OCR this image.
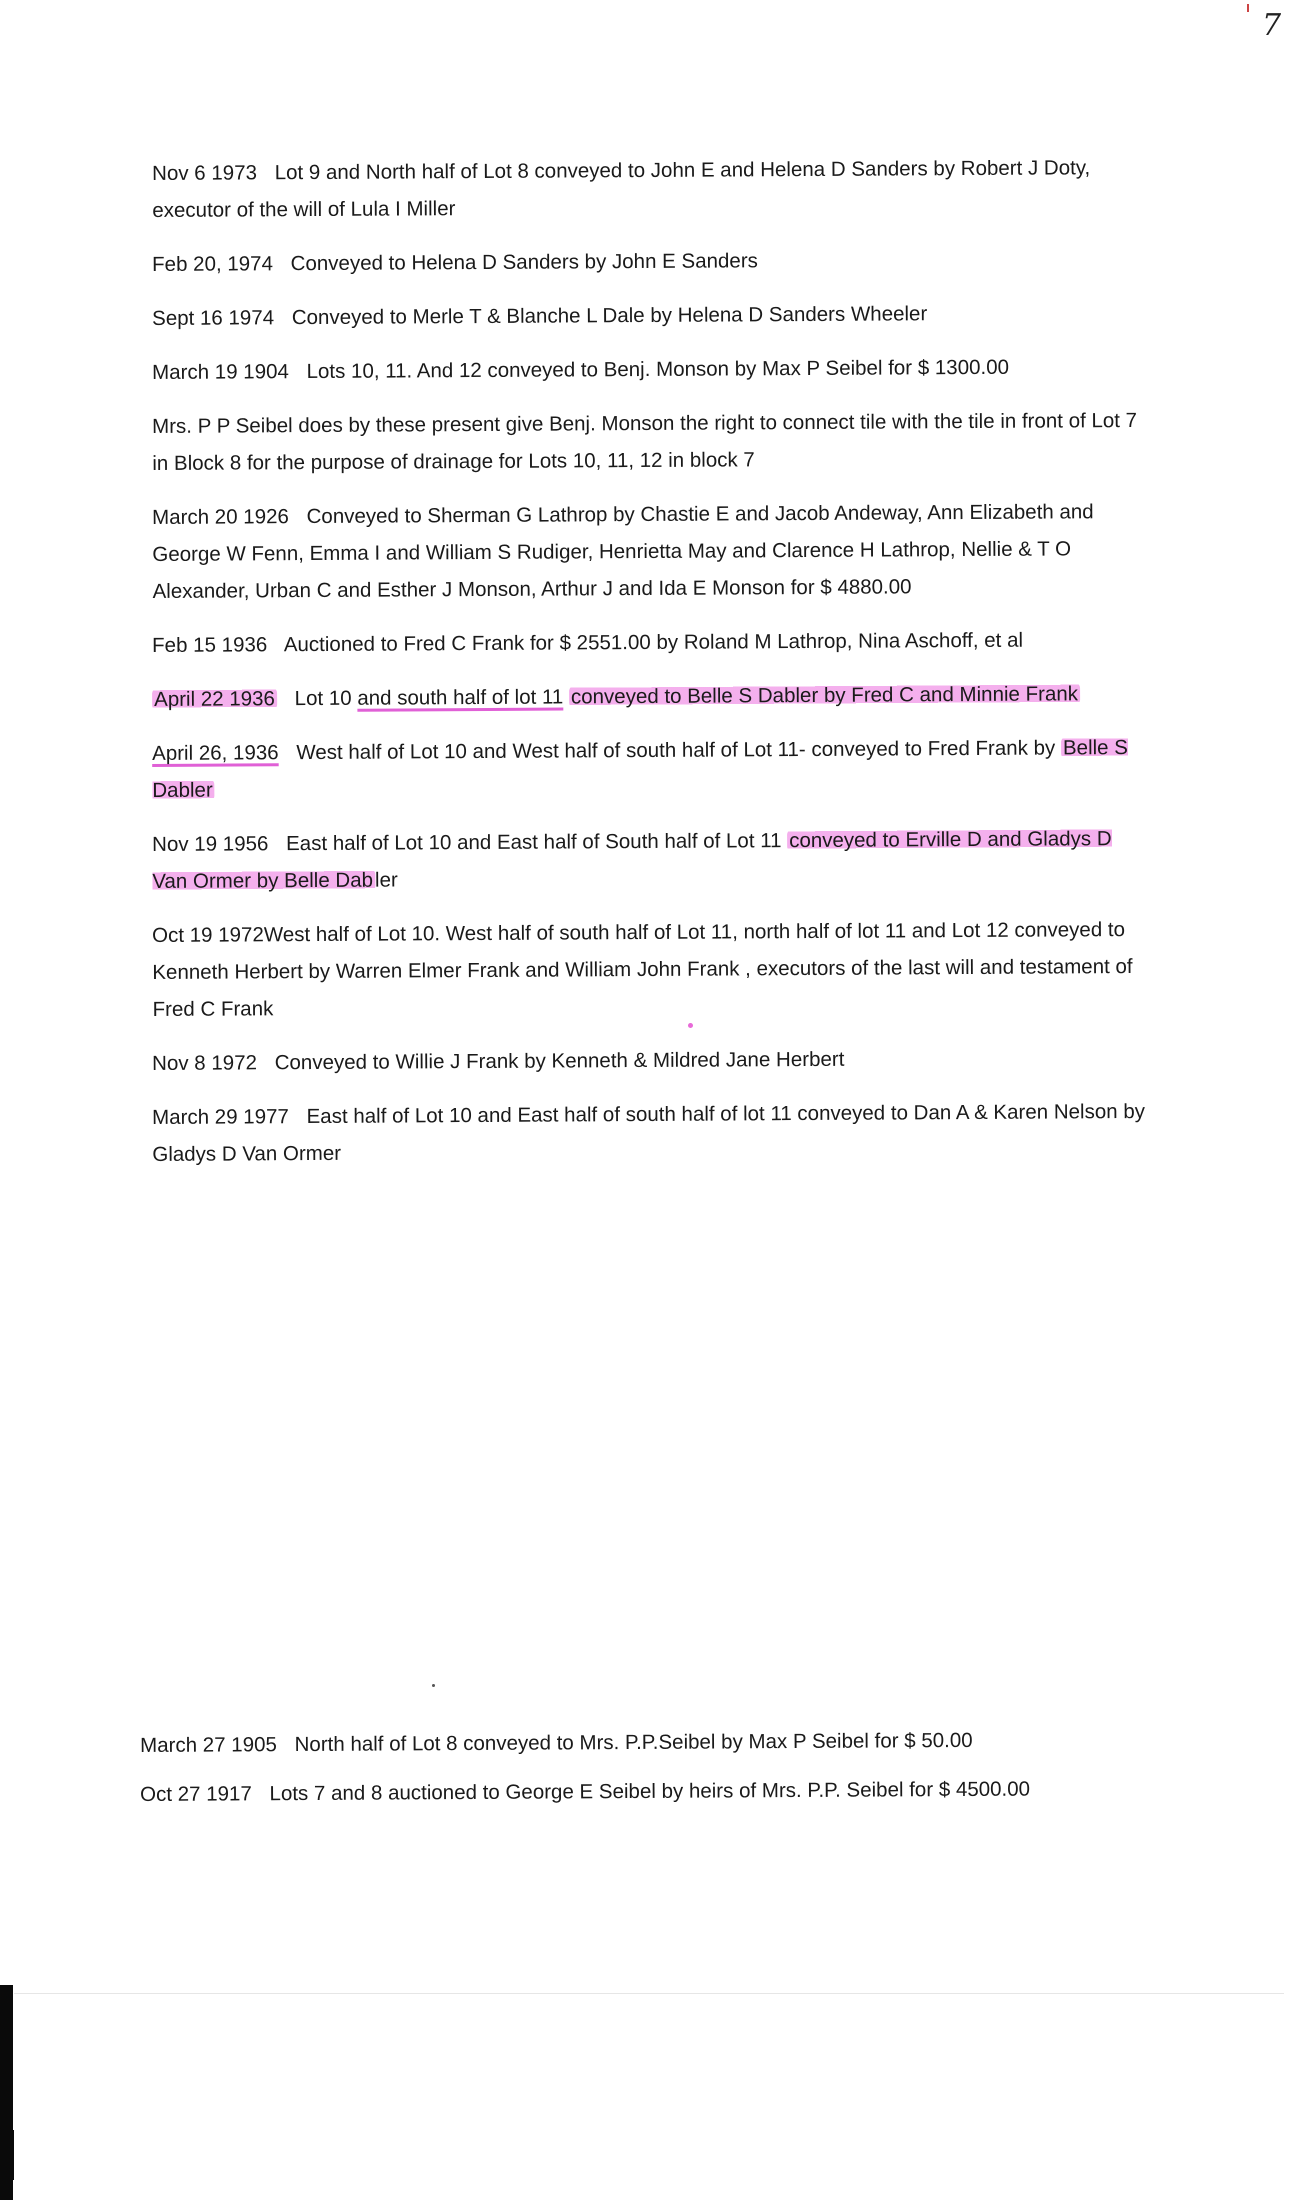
7

Nov 6 1973 Lot 9 and North half of Lot 8 conveyed to John E and Helena D Sanders by Robert J Doty, executor of the will of Lula I Miller

Feb 20, 1974 Conveyed to Helena D Sanders by John E Sanders

Sept 16 1974 Conveyed to Merle T & Blanche L Dale by Helena D Sanders Wheeler

March 19 1904 Lots 10, 11. And 12 conveyed to Benj. Monson by Max P Seibel for $ 1300.00

Mrs. P P Seibel does by these present give Benj. Monson the right to connect tile with the tile in front of Lot 7 in Block 8 for the purpose of drainage for Lots 10, 11, 12 in block 7

March 20 1926 Conveyed to Sherman G Lathrop by Chastie E and Jacob Andeway, Ann Elizabeth and George W Fenn, Emma I and William S Rudiger, Henrietta May and Clarence H Lathrop, Nellie & T O Alexander, Urban C and Esther J Monson, Arthur J and Ida E Monson for $ 4880.00

Feb 15 1936 Auctioned to Fred C Frank for $ 2551.00 by Roland M Lathrop, Nina Aschoff, et al

April 22 1936 Lot 10 and south half of lot 11 conveyed to Belle S Dabler by Fred C and Minnie Frank

April 26, 1936 West half of Lot 10 and West half of south half of Lot 11- conveyed to Fred Frank by Belle S Dabler

Nov 19 1956 East half of Lot 10 and East half of South half of Lot 11 conveyed to Erville D and Gladys D Van Ormer by Belle Dabler

Oct 19 1972West half of Lot 10. West half of south half of Lot 11, north half of lot 11 and Lot 12 conveyed to Kenneth Herbert by Warren Elmer Frank and William John Frank , executors of the last will and testament of Fred C Frank

Nov 8 1972 Conveyed to Willie J Frank by Kenneth & Mildred Jane Herbert

March 29 1977 East half of Lot 10 and East half of south half of lot 11 conveyed to Dan A & Karen Nelson by Gladys D Van Ormer

March 27 1905 North half of Lot 8 conveyed to Mrs. P.P.Seibel by Max P Seibel for $ 50.00

Oct 27 1917 Lots 7 and 8 auctioned to George E Seibel by heirs of Mrs. P.P. Seibel for $ 4500.00
